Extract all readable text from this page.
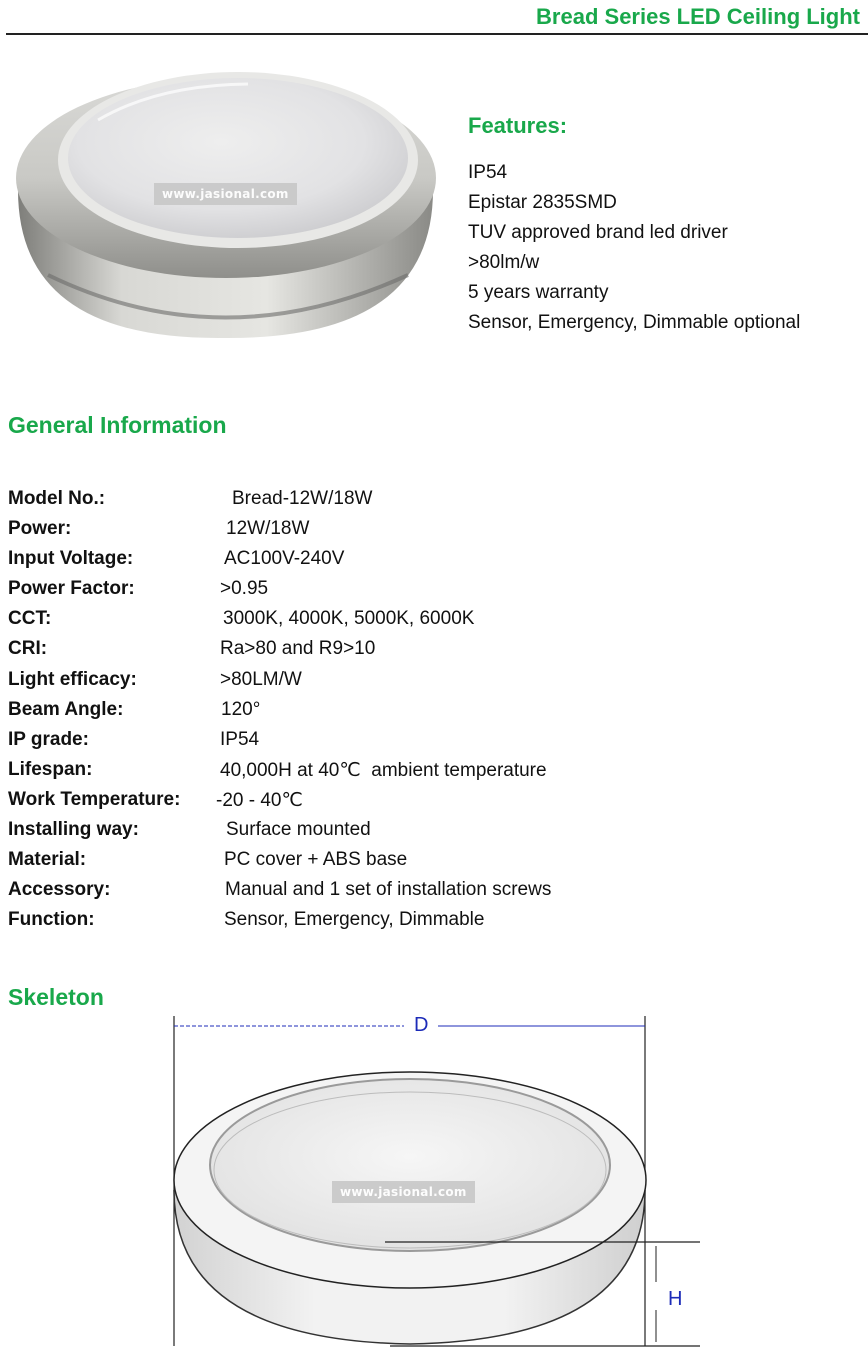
Bread Series LED Ceiling Light
www.jasional.com
Features:
IP54
Epistar 2835SMD
TUV approved brand led driver
>80lm/w
5 years warranty
Sensor, Emergency, Dimmable optional
General Information
Model No.:	Bread-12W/18W
Power:	12W/18W
Input Voltage:	AC100V-240V
Power Factor:	>0.95
CCT:	3000K, 4000K, 5000K, 6000K
CRI:	Ra>80 and R9>10
Light efficacy:	>80LM/W
Beam Angle:	120°
IP grade:	IP54
Lifespan:	40,000H at 40℃  ambient temperature
Work Temperature: -20 - 40℃
Installing way:	Surface mounted
Material:	PC cover + ABS base
Accessory:	Manual and 1 set of installation screws
Function:	Sensor, Emergency, Dimmable
Skeleton
D
H
www.jasional.com
